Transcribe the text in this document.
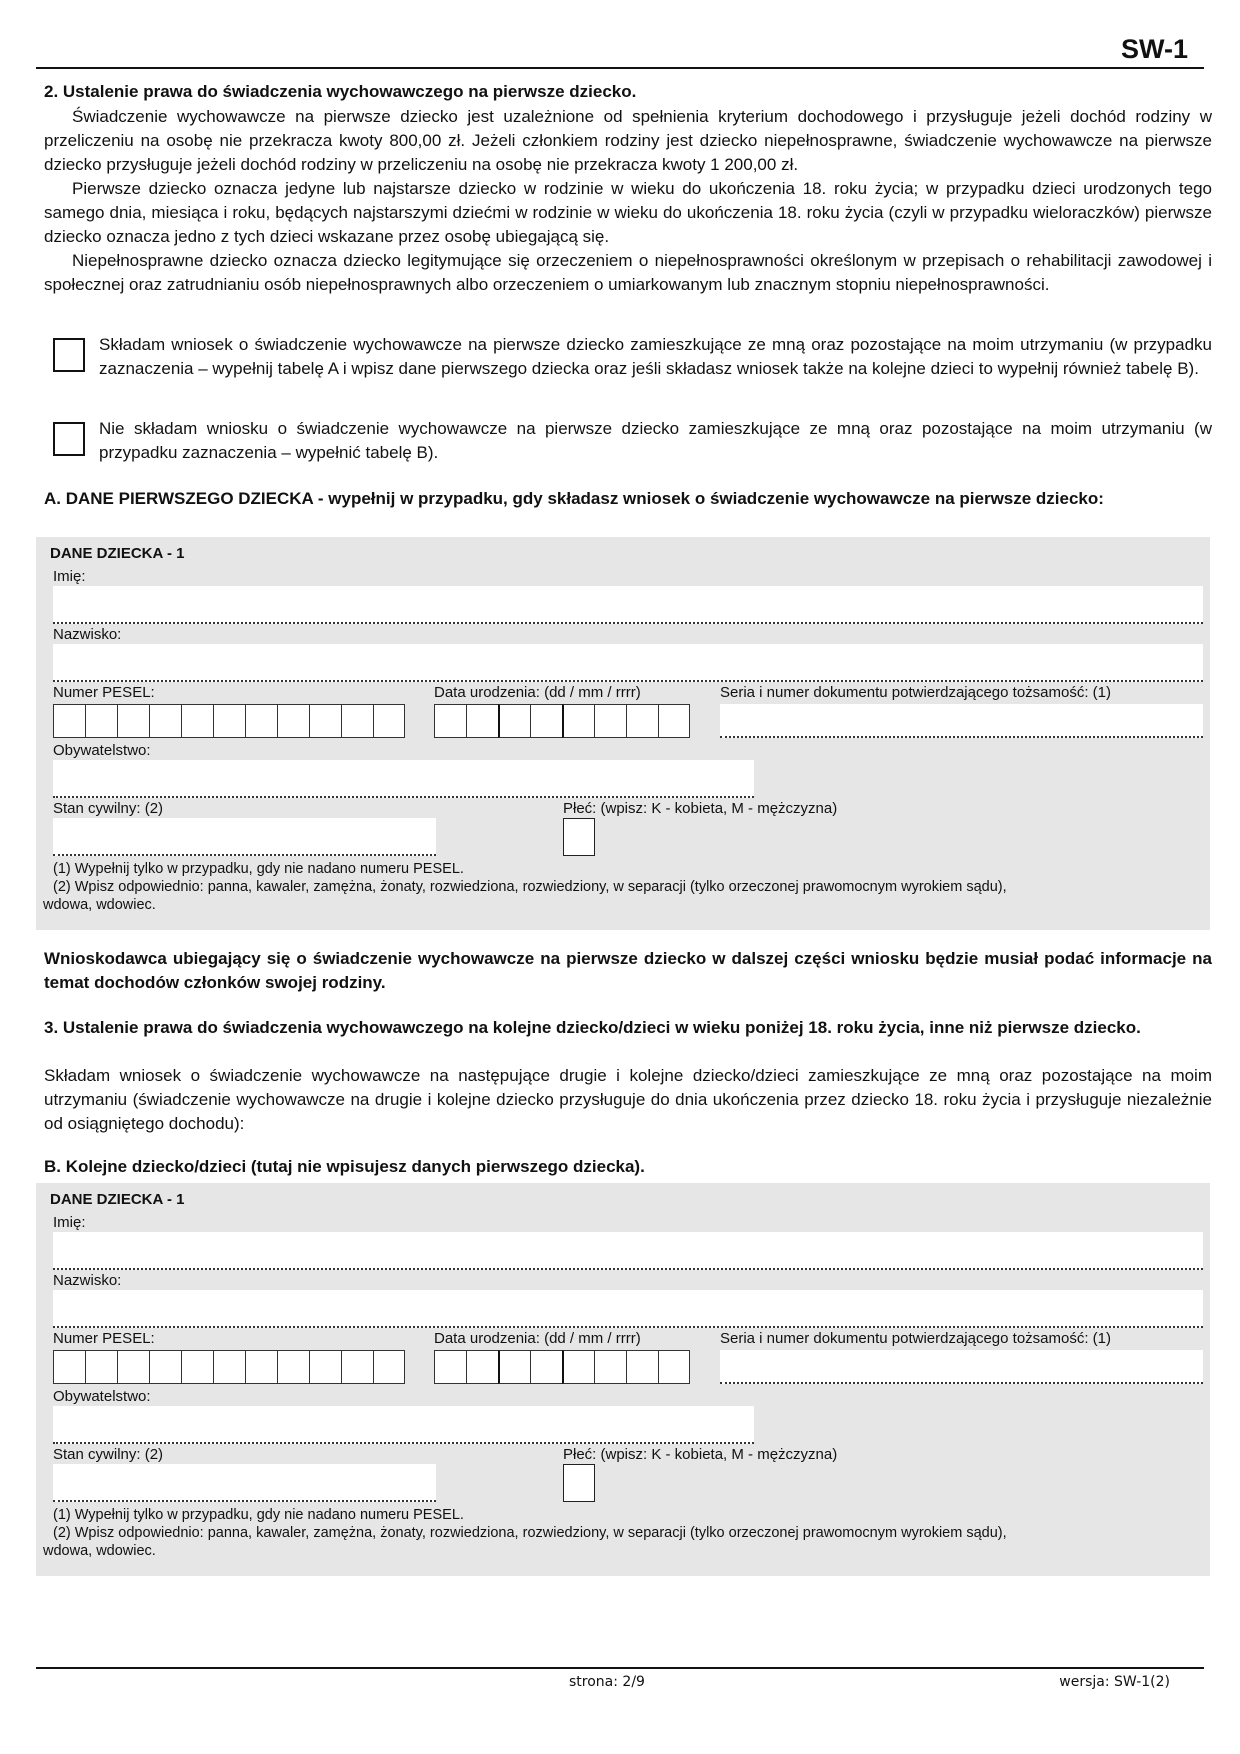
SW-1

2. Ustalenie prawa do świadczenia wychowawczego na pierwsze dziecko.

Świadczenie wychowawcze na pierwsze dziecko jest uzależnione od spełnienia kryterium dochodowego i przysługuje jeżeli dochód rodziny w przeliczeniu na osobę nie przekracza kwoty 800,00 zł. Jeżeli członkiem rodziny jest dziecko niepełnosprawne, świadczenie wychowawcze na pierwsze dziecko przysługuje jeżeli dochód rodziny w przeliczeniu na osobę nie przekracza kwoty 1 200,00 zł.

Pierwsze dziecko oznacza jedyne lub najstarsze dziecko w rodzinie w wieku do ukończenia 18. roku życia; w przypadku dzieci urodzonych tego samego dnia, miesiąca i roku, będących najstarszymi dziećmi w rodzinie w wieku do ukończenia 18. roku życia (czyli w przypadku wieloraczków) pierwsze dziecko oznacza jedno z tych dzieci wskazane przez osobę ubiegającą się.

Niepełnosprawne dziecko oznacza dziecko legitymujące się orzeczeniem o niepełnosprawności określonym w przepisach o rehabilitacji zawodowej i społecznej oraz zatrudnianiu osób niepełnosprawnych albo orzeczeniem o umiarkowanym lub znacznym stopniu niepełnosprawności.

Składam wniosek o świadczenie wychowawcze na pierwsze dziecko zamieszkujące ze mną oraz pozostające na moim utrzymaniu (w przypadku zaznaczenia – wypełnij tabelę A i wpisz dane pierwszego dziecka oraz jeśli składasz wniosek także na kolejne dzieci to wypełnij również tabelę B).

Nie składam wniosku o świadczenie wychowawcze na pierwsze dziecko zamieszkujące ze mną oraz pozostające na moim utrzymaniu (w przypadku zaznaczenia – wypełnić tabelę B).

A. DANE PIERWSZEGO DZIECKA - wypełnij w przypadku, gdy składasz wniosek o świadczenie wychowawcze na pierwsze dziecko:

DANE DZIECKA - 1
Imię:
Nazwisko:
Numer PESEL:	Data urodzenia: (dd / mm / rrrr)	Seria i numer dokumentu potwierdzającego tożsamość: (1)
Obywatelstwo:
Stan cywilny: (2)	Płeć: (wpisz: K - kobieta, M - mężczyzna)
(1) Wypełnij tylko w przypadku, gdy nie nadano numeru PESEL.
(2) Wpisz odpowiednio: panna, kawaler, zamężna, żonaty, rozwiedziona, rozwiedziony, w separacji (tylko orzeczonej prawomocnym wyrokiem sądu),
wdowa, wdowiec.

Wnioskodawca ubiegający się o świadczenie wychowawcze na pierwsze dziecko w dalszej części wniosku będzie musiał podać informacje na temat dochodów członków swojej rodziny.

3. Ustalenie prawa do świadczenia wychowawczego na kolejne dziecko/dzieci w wieku poniżej 18. roku życia, inne niż pierwsze dziecko.

Składam wniosek o świadczenie wychowawcze na następujące drugie i kolejne dziecko/dzieci zamieszkujące ze mną oraz pozostające na moim utrzymaniu (świadczenie wychowawcze na drugie i kolejne dziecko przysługuje do dnia ukończenia przez dziecko 18. roku życia i przysługuje niezależnie od osiągniętego dochodu):

B. Kolejne dziecko/dzieci (tutaj nie wpisujesz danych pierwszego dziecka).

DANE DZIECKA - 1
Imię:
Nazwisko:
Numer PESEL:	Data urodzenia: (dd / mm / rrrr)	Seria i numer dokumentu potwierdzającego tożsamość: (1)
Obywatelstwo:
Stan cywilny: (2)	Płeć: (wpisz: K - kobieta, M - mężczyzna)
(1) Wypełnij tylko w przypadku, gdy nie nadano numeru PESEL.
(2) Wpisz odpowiednio: panna, kawaler, zamężna, żonaty, rozwiedziona, rozwiedziony, w separacji (tylko orzeczonej prawomocnym wyrokiem sądu),
wdowa, wdowiec.
strona: 2/9	wersja: SW-1(2)
